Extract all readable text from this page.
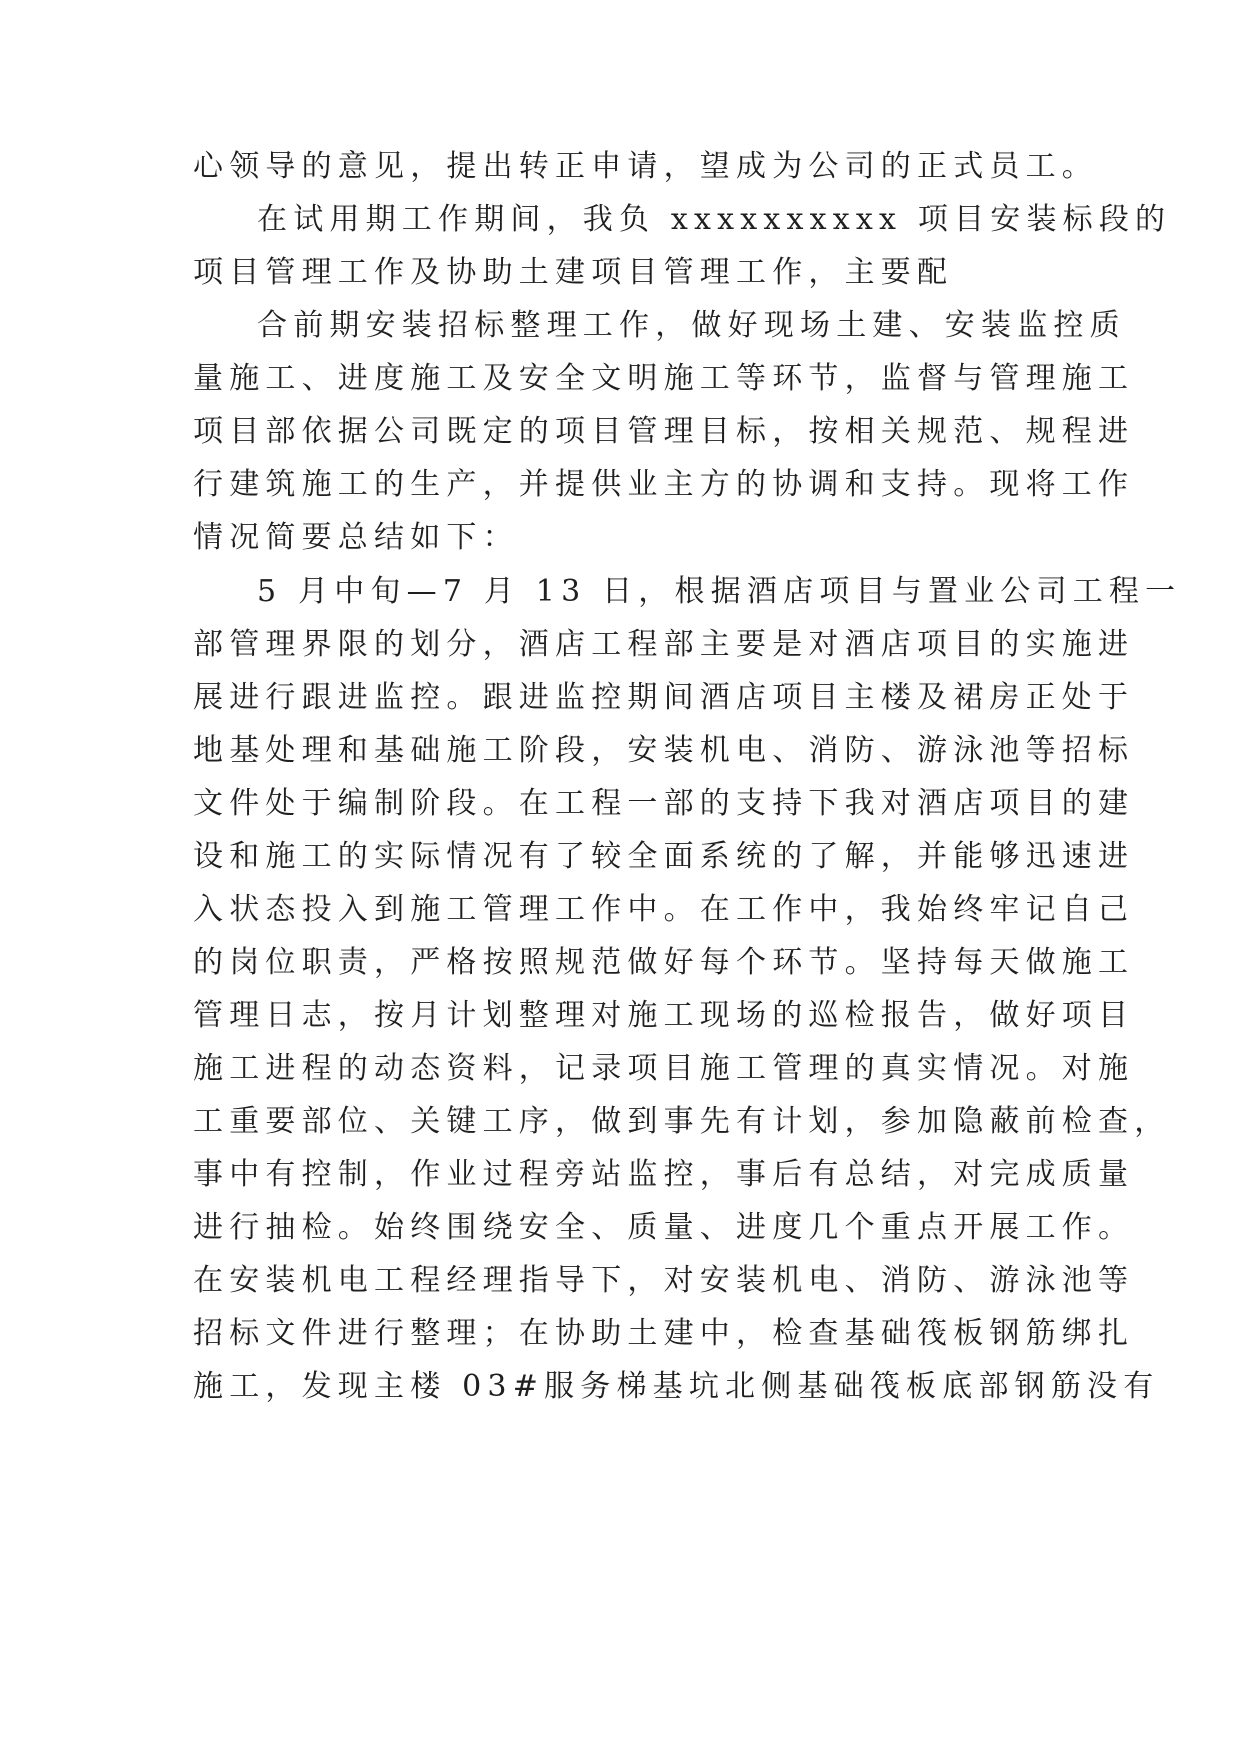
心领导的意见，提出转正申请，望成为公司的正式员工。
在试用期工作期间，我负 xxxxxxxxxx 项目安装标段的
项目管理工作及协助土建项目管理工作，主要配
合前期安装招标整理工作，做好现场土建、安装监控质
量施工、进度施工及安全文明施工等环节，监督与管理施工
项目部依据公司既定的项目管理目标，按相关规范、规程进
行建筑施工的生产，并提供业主方的协调和支持。现将工作
情况简要总结如下：
5 月中旬—7 月 13 日，根据酒店项目与置业公司工程一
部管理界限的划分，酒店工程部主要是对酒店项目的实施进
展进行跟进监控。跟进监控期间酒店项目主楼及裙房正处于
地基处理和基础施工阶段，安装机电、消防、游泳池等招标
文件处于编制阶段。在工程一部的支持下我对酒店项目的建
设和施工的实际情况有了较全面系统的了解，并能够迅速进
入状态投入到施工管理工作中。在工作中，我始终牢记自己
的岗位职责，严格按照规范做好每个环节。坚持每天做施工
管理日志，按月计划整理对施工现场的巡检报告，做好项目
施工进程的动态资料，记录项目施工管理的真实情况。对施
工重要部位、关键工序，做到事先有计划，参加隐蔽前检查，
事中有控制，作业过程旁站监控，事后有总结，对完成质量
进行抽检。始终围绕安全、质量、进度几个重点开展工作。
在安装机电工程经理指导下，对安装机电、消防、游泳池等
招标文件进行整理；在协助土建中，检查基础筏板钢筋绑扎
施工，发现主楼 03#服务梯基坑北侧基础筏板底部钢筋没有
